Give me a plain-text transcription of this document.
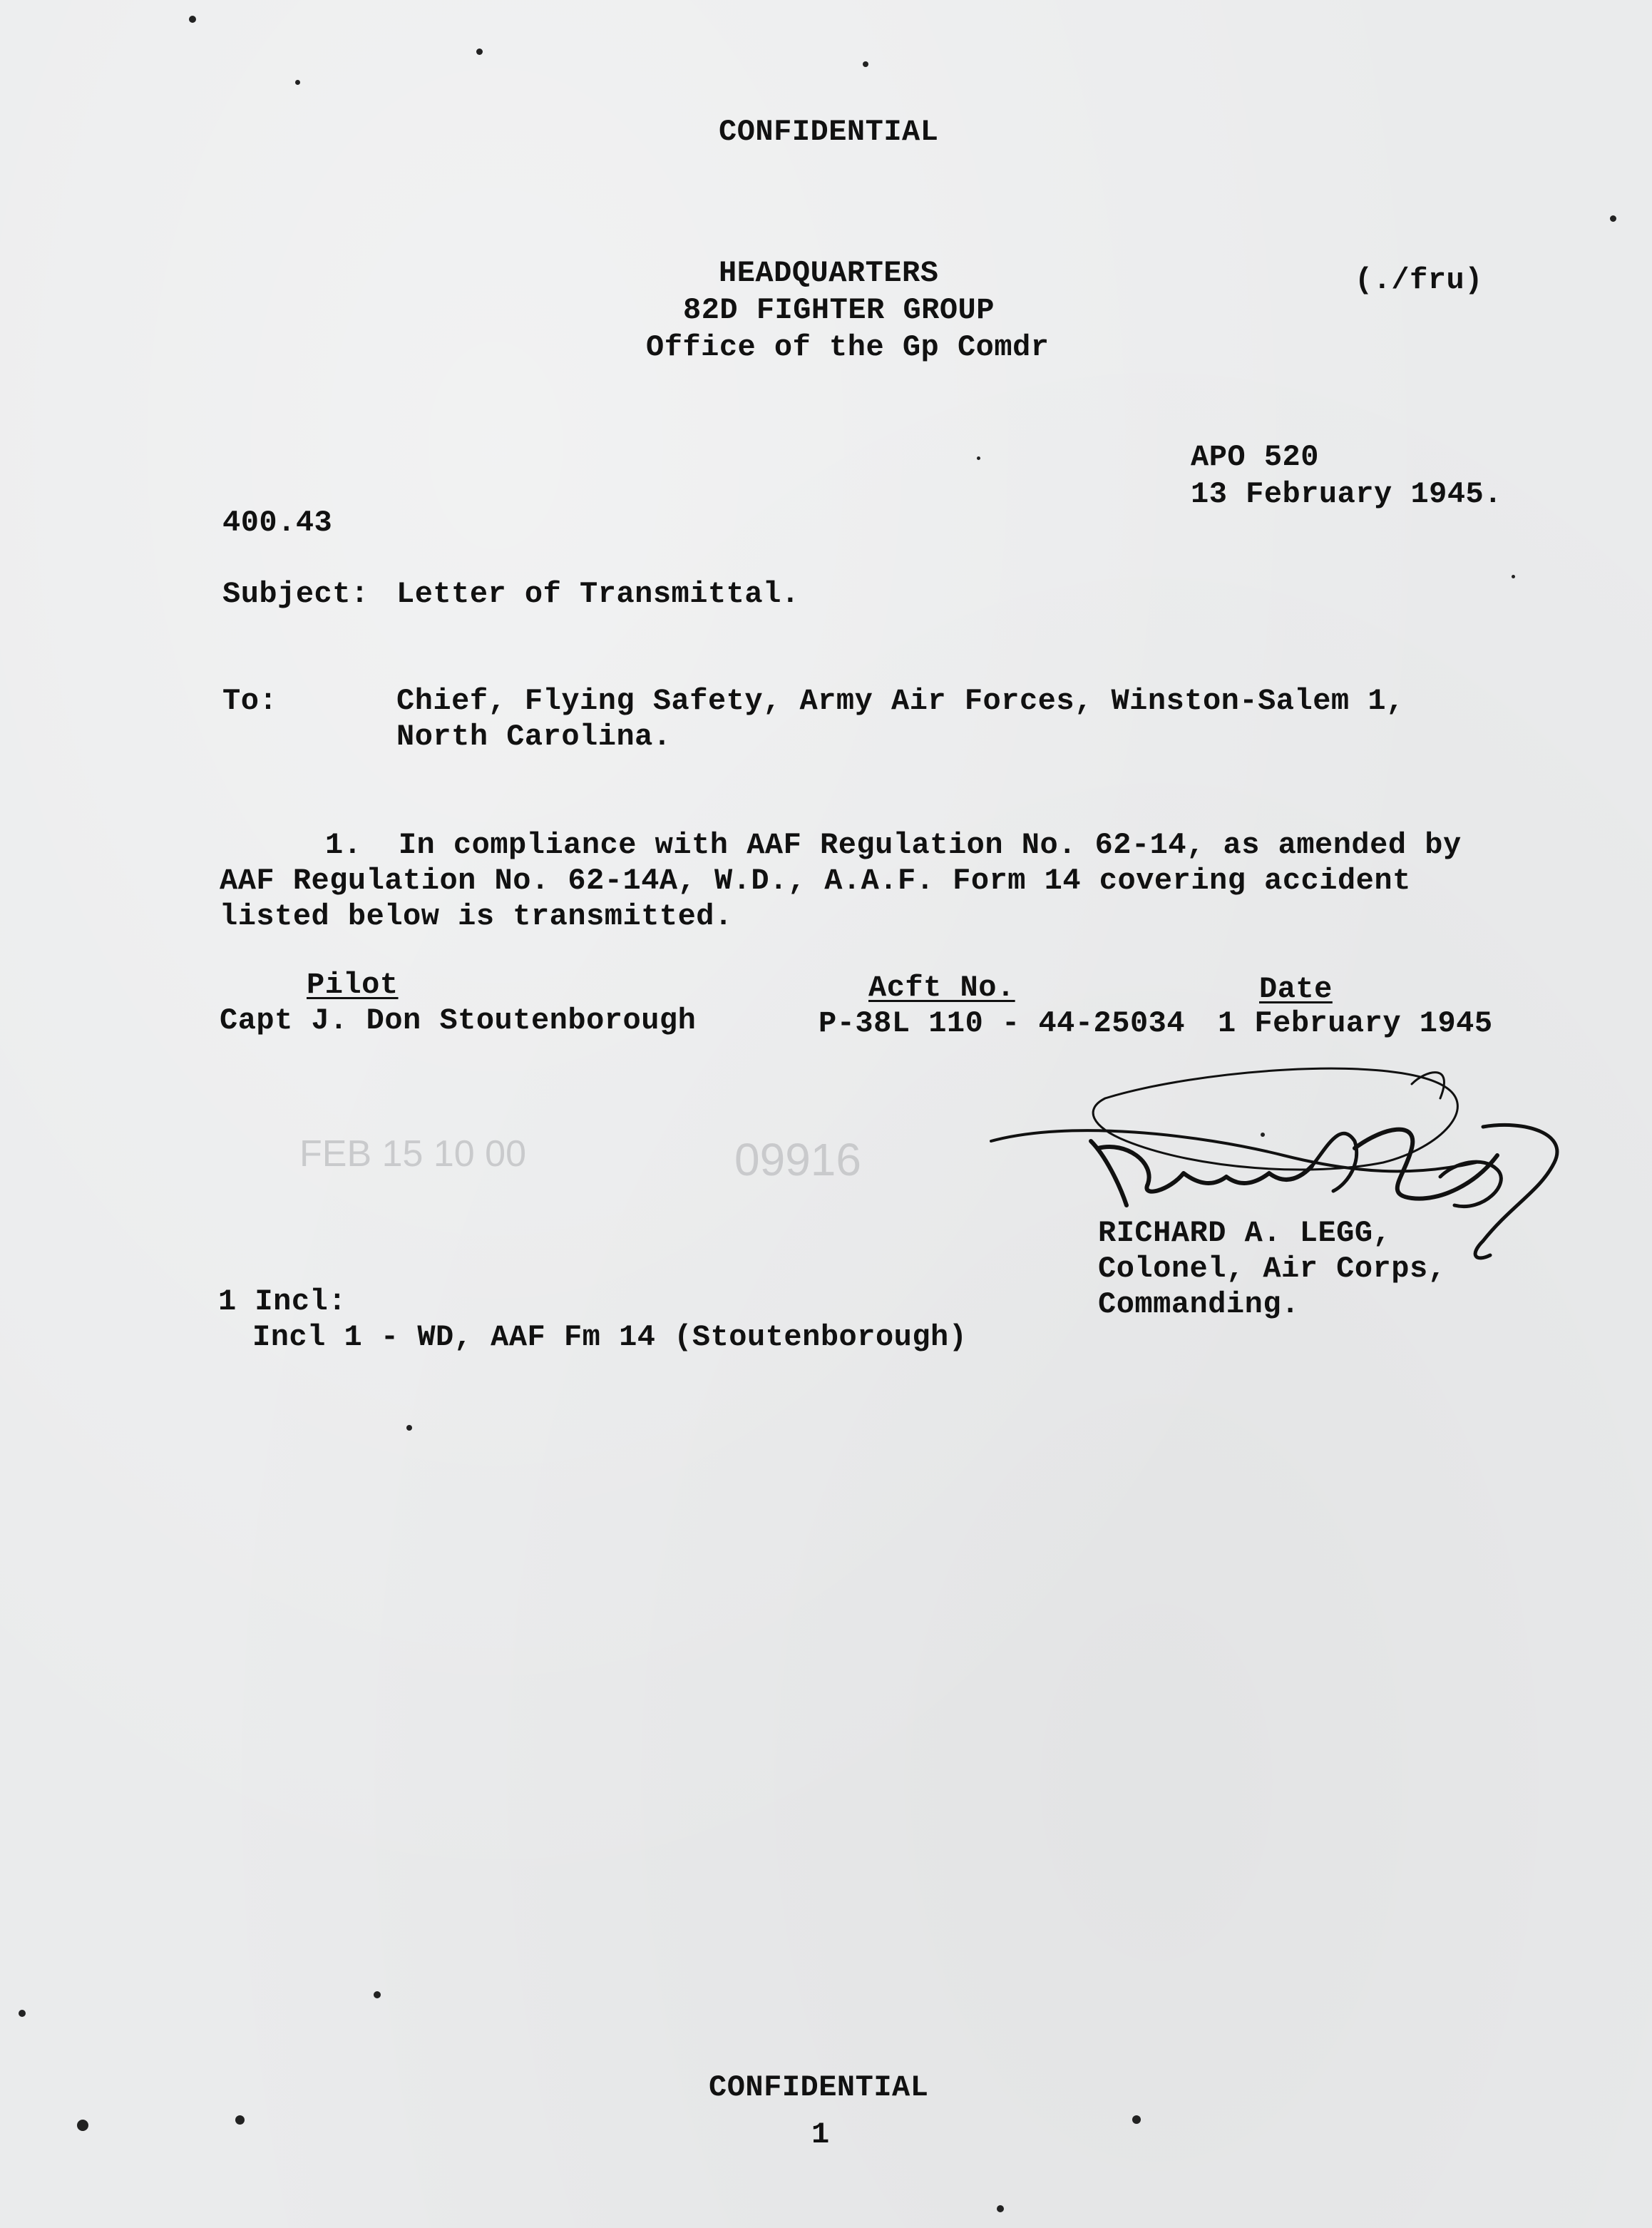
CONFIDENTIAL
HEADQUARTERS
82D FIGHTER GROUP
Office of the Gp Comdr
(./fru)
APO 520
13 February 1945.
400.43
Subject: Letter of Transmittal.
To:	Chief, Flying Safety, Army Air Forces, Winston-Salem 1,
North Carolina.
1.  In compliance with AAF Regulation No. 62-14, as amended by
AAF Regulation No. 62-14A, W.D., A.A.F. Form 14 covering accident
listed below is transmitted.
Pilot	Acft No.	Date
Capt J. Don Stoutenborough	P-38L 110 - 44-25034 1 February 1945
FEB 15 10 00	09916
RICHARD A. LEGG,
Colonel, Air Corps,
Commanding.
1 Incl:
Incl 1 - WD, AAF Fm 14 (Stoutenborough)
CONFIDENTIAL
1
